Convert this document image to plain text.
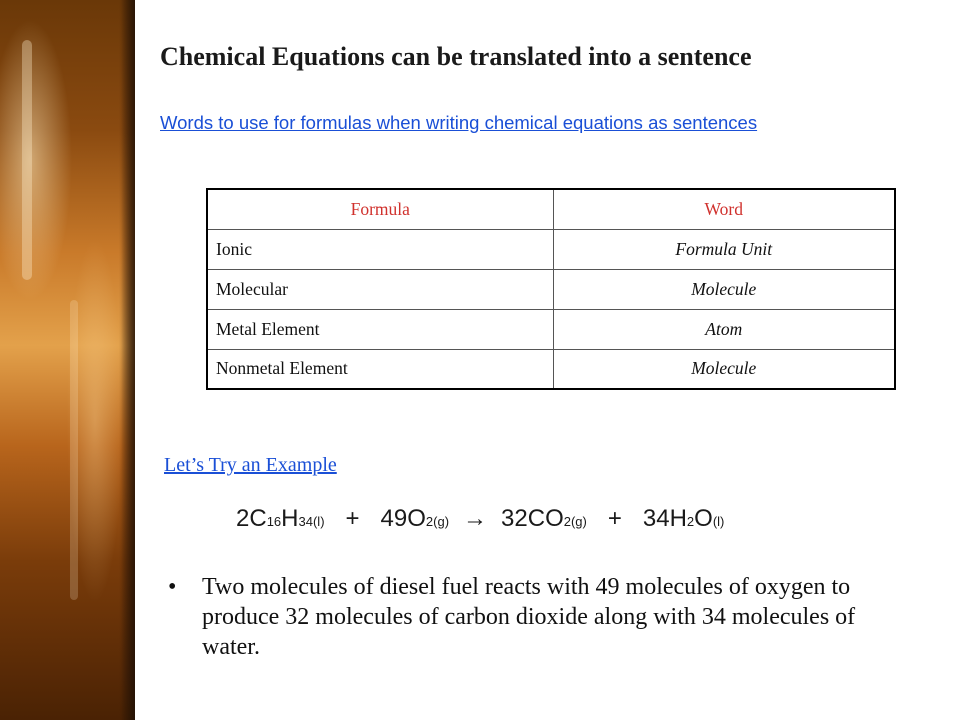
Chemical Equations can be translated into a sentence
Words to use for formulas when writing chemical equations as sentences
Formula	Word
Ionic	Formula Unit
Molecular	Molecule
Metal Element	Atom
Nonmetal Element	Molecule
Let’s Try an Example
2 C 16 H 34(l) + 49 O 2(g) → 32 CO 2(g) + 34 H 2 O (l)
•	Two molecules of diesel fuel reacts with 49 molecules of oxygen to produce 32 molecules of carbon dioxide along with 34 molecules of water.
